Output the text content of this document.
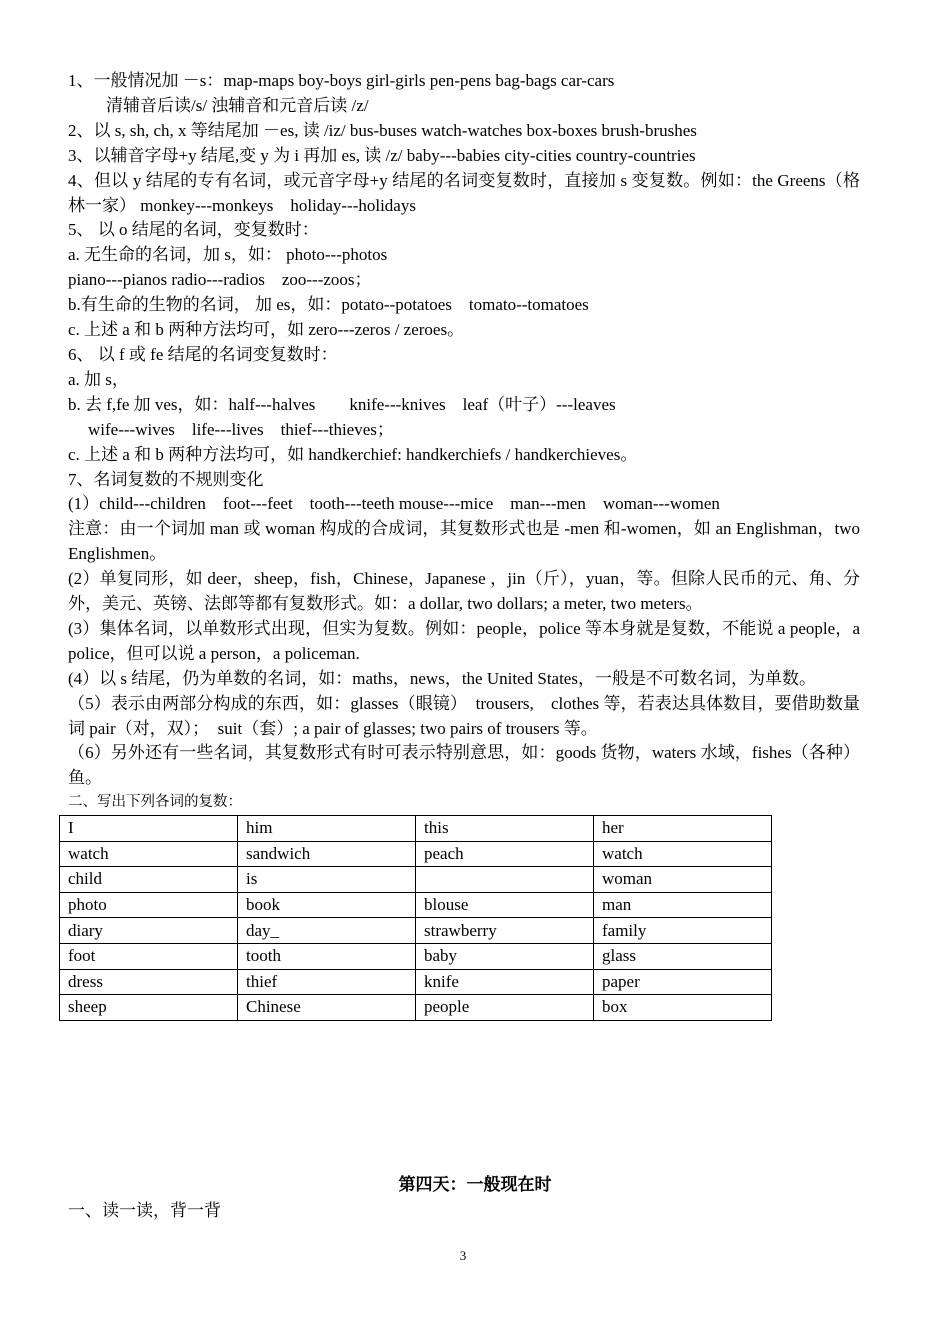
1、一般情况加 －s：map-maps boy-boys girl-girls pen-pens bag-bags car-cars
清辅音后读/s/ 浊辅音和元音后读 /z/
2、以 s, sh, ch, x 等结尾加 －es, 读 /iz/ bus-buses watch-watches box-boxes brush-brushes
3、以辅音字母+y 结尾,变 y 为 i 再加 es, 读 /z/ baby---babies city-cities country-countries
4、但以 y 结尾的专有名词，或元音字母+y 结尾的名词变复数时，直接加 s 变复数。例如：the Greens（格林一家） monkey---monkeys　holiday---holidays
5、 以 o 结尾的名词，变复数时：
a. 无生命的名词，加 s，如： photo---photos
piano---pianos radio---radios　zoo---zoos；
b.有生命的生物的名词， 加 es，如：potato--potatoes　tomato--tomatoes
c. 上述 a 和 b 两种方法均可，如 zero---zeros / zeroes。
6、 以 f 或 fe 结尾的名词变复数时：
a. 加 s，
b. 去 f,fe 加 ves，如：half---halves　　knife---knives　leaf（叶子）---leaves
wife---wives　life---lives　thief---thieves；
c. 上述 a 和 b 两种方法均可，如 handkerchief: handkerchiefs / handkerchieves。
7、名词复数的不规则变化
(1）child---children　foot---feet　tooth---teeth mouse---mice　man---men　woman---women
注意：由一个词加 man 或 woman 构成的合成词，其复数形式也是 -men 和-women，如 an Englishman，two Englishmen。
(2）单复同形，如 deer，sheep，fish，Chinese，Japanese ，jin（斤），yuan，等。但除人民币的元、角、分外，美元、英镑、法郎等都有复数形式。如：a dollar, two dollars; a meter, two meters。
(3）集体名词，以单数形式出现，但实为复数。例如：people，police 等本身就是复数，不能说 a people，a police，但可以说 a person，a policeman.
(4）以 s 结尾，仍为单数的名词，如：maths，news，the United States，一般是不可数名词，为单数。
（5）表示由两部分构成的东西，如：glasses（眼镜）　trousers,　clothes 等，若表达具体数目，要借助数量词 pair（对，双）；　suit（套）; a pair of glasses; two pairs of trousers 等。
（6）另外还有一些名词，其复数形式有时可表示特别意思，如：goods 货物，waters 水域，fishes（各种）鱼。
二、写出下列各词的复数：
I	him	this	her
watch	sandwich	peach	watch
child	is		woman
photo	book	blouse	man
diary	day_	strawberry	family
foot	tooth	baby	glass
dress	thief	knife	paper
sheep	Chinese	people	box
第四天：一般现在时
一、读一读，背一背
3
